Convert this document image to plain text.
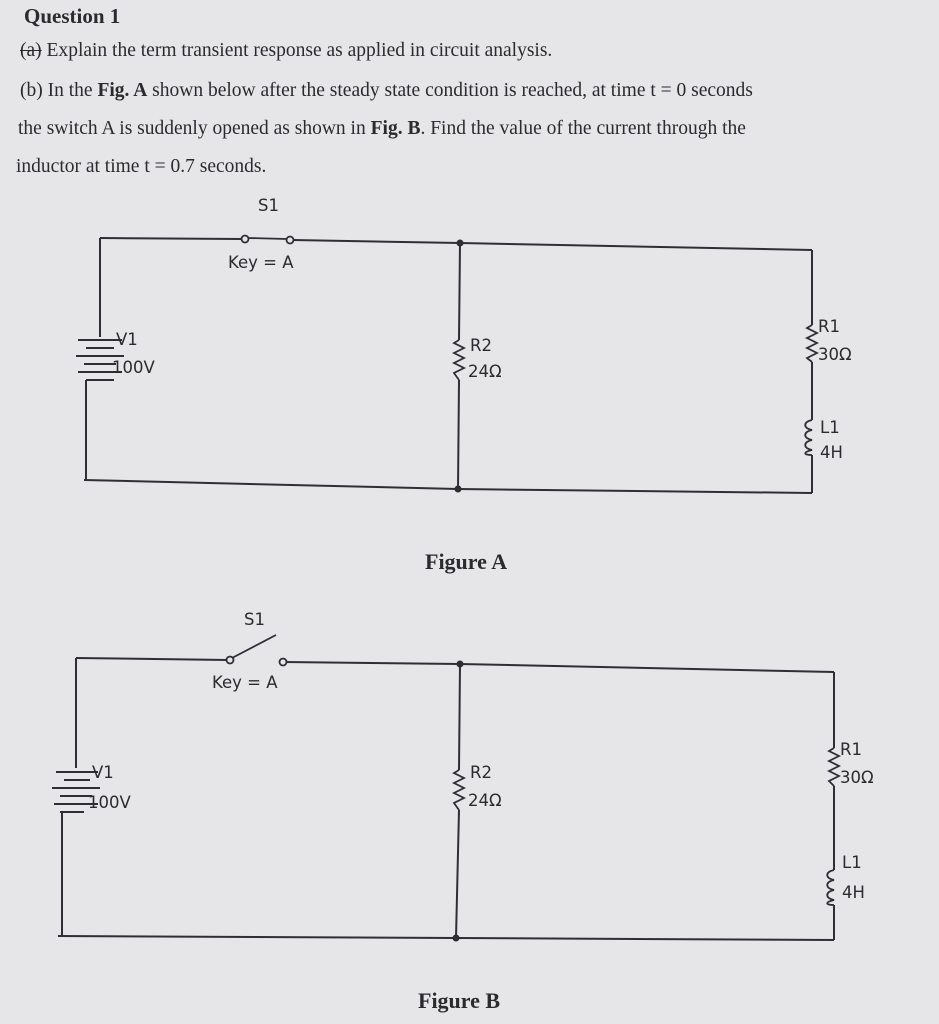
Question 1
(a) Explain the term transient response as applied in circuit analysis.
(b) In the Fig. A shown below after the steady state condition is reached, at time t = 0 seconds
the switch A is suddenly opened as shown in Fig. B. Find the value of the current through the
inductor at time t = 0.7 seconds.
S1
Key = A
V1
100V
R2
24Ω
R1
30Ω
L1
4H
Figure A
S1
Key = A
V1
100V
R2
24Ω
R1
30Ω
L1
4H
Figure B
